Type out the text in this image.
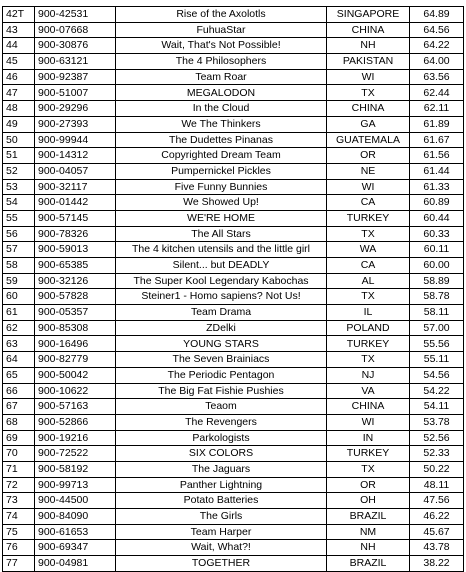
42T	900-42531	Rise of the Axolotls	SINGAPORE	64.89
43	900-07668	FuhuaStar	CHINA	64.56
44	900-30876	Wait, That's Not Possible!	NH	64.22
45	900-63121	The 4 Philosophers	PAKISTAN	64.00
46	900-92387	Team Roar	WI	63.56
47	900-51007	MEGALODON	TX	62.44
48	900-29296	In the Cloud	CHINA	62.11
49	900-27393	We The Thinkers	GA	61.89
50	900-99944	The Dudettes Pinanas	GUATEMALA	61.67
51	900-14312	Copyrighted Dream Team	OR	61.56
52	900-04057	Pumpernickel Pickles	NE	61.44
53	900-32117	Five Funny Bunnies	WI	61.33
54	900-01442	We Showed Up!	CA	60.89
55	900-57145	WE'RE HOME	TURKEY	60.44
56	900-78326	The All Stars	TX	60.33
57	900-59013	The 4 kitchen utensils and the little girl	WA	60.11
58	900-65385	Silent... but DEADLY	CA	60.00
59	900-32126	The Super Kool Legendary Kabochas	AL	58.89
60	900-57828	Steiner1 - Homo sapiens? Not Us!	TX	58.78
61	900-05357	Team Drama	IL	58.11
62	900-85308	ZDelki	POLAND	57.00
63	900-16496	YOUNG STARS	TURKEY	55.56
64	900-82779	The Seven Brainiacs	TX	55.11
65	900-50042	The Periodic Pentagon	NJ	54.56
66	900-10622	The Big Fat Fishie Pushies	VA	54.22
67	900-57163	Teaom	CHINA	54.11
68	900-52866	The Revengers	WI	53.78
69	900-19216	Parkologists	IN	52.56
70	900-72522	SIX COLORS	TURKEY	52.33
71	900-58192	The Jaguars	TX	50.22
72	900-99713	Panther Lightning	OR	48.11
73	900-44500	Potato Batteries	OH	47.56
74	900-84090	The Girls	BRAZIL	46.22
75	900-61653	Team Harper	NM	45.67
76	900-69347	Wait, What?!	NH	43.78
77	900-04981	TOGETHER	BRAZIL	38.22
